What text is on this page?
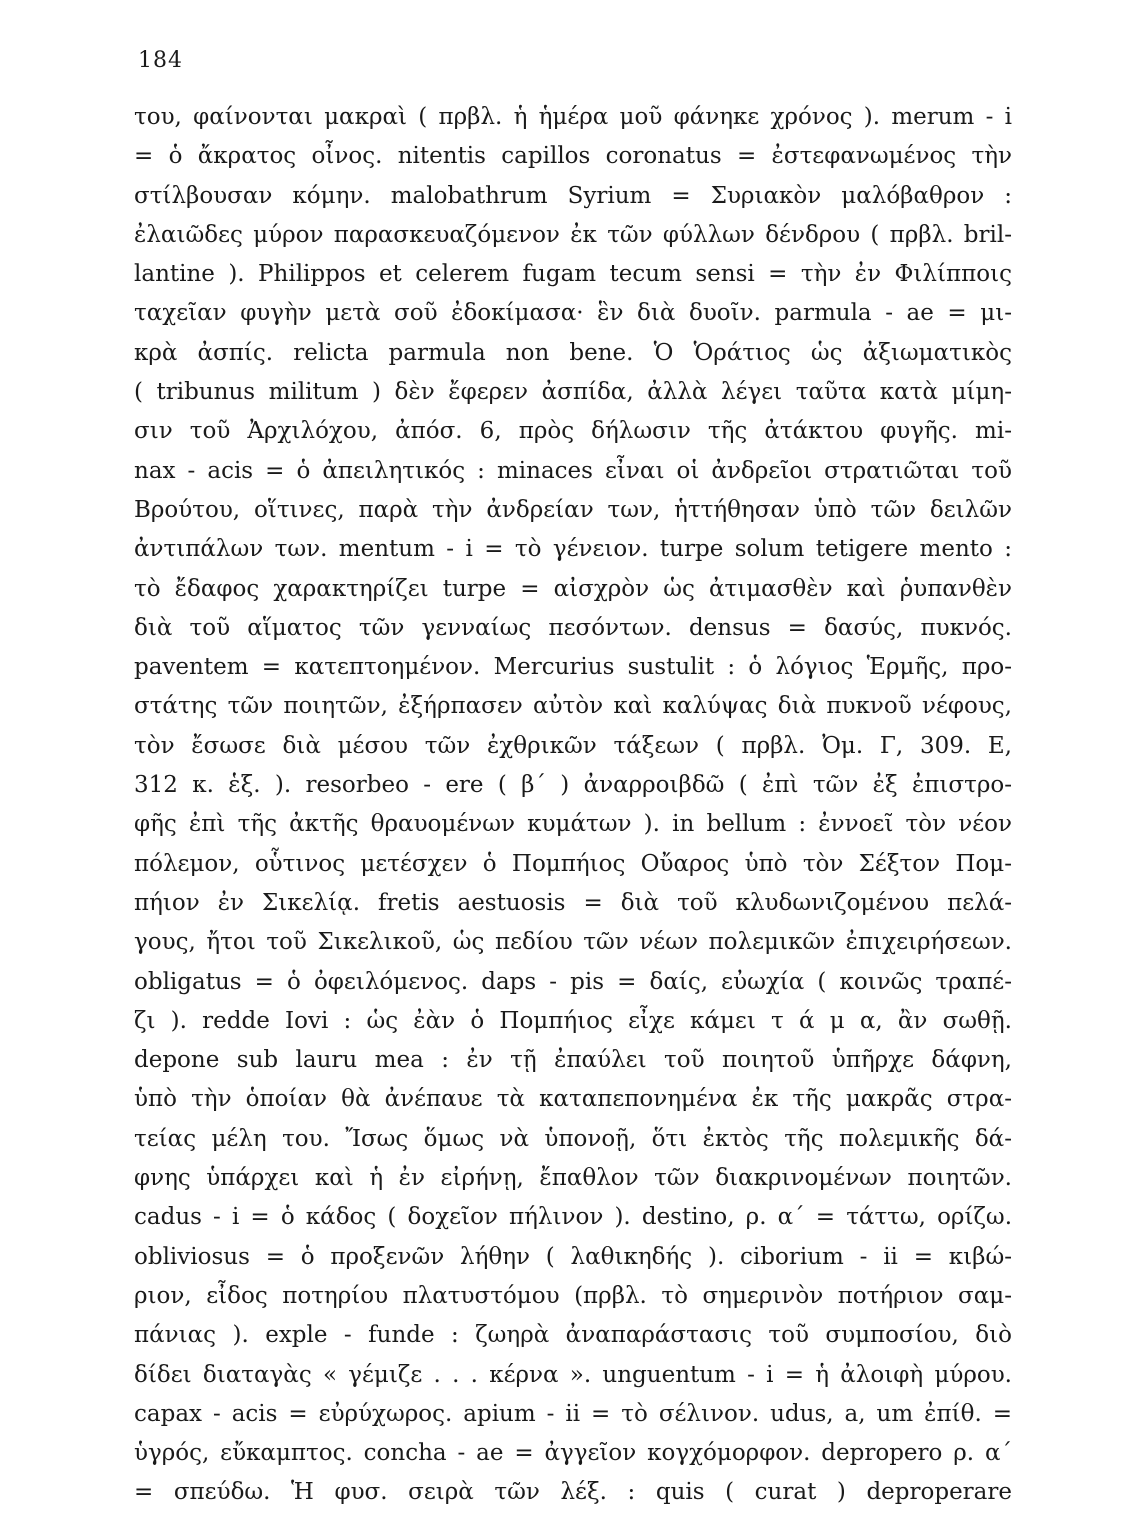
184
του, φαίνονται μακραὶ ( πρβλ. ἡ ἡμέρα μοῦ φάνηκε χρόνος ). merum - i
= ὁ ἄκρατος οἶνος. nitentis capillos coronatus = ἐστεφανωμένος τὴν
στίλβουσαν κόμην. malobathrum Syrium = Συριακὸν μαλόβαθρον :
ἐλαιῶδες μύρον παρασκευαζόμενον ἐκ τῶν φύλλων δένδρου ( πρβλ. bril-
lantine ). Philippos et celerem fugam tecum sensi = τὴν ἐν Φιλίπποις
ταχεῖαν φυγὴν μετὰ σοῦ ἐδοκίμασα· ἓν διὰ δυοῖν. parmula - ae = μι-
κρὰ ἀσπίς. relicta parmula non bene. Ὁ Ὁράτιος ὡς ἀξιωματικὸς
( tribunus militum ) δὲν ἔφερεν ἀσπίδα, ἀλλὰ λέγει ταῦτα κατὰ μίμη-
σιν τοῦ Ἀρχιλόχου, ἀπόσ. 6, πρὸς δήλωσιν τῆς ἀτάκτου φυγῆς. mi-
nax - acis = ὁ ἀπειλητικός : minaces εἶναι οἱ ἀνδρεῖοι στρατιῶται τοῦ
Βρούτου, οἵτινες, παρὰ τὴν ἀνδρείαν των, ἡττήθησαν ὑπὸ τῶν δειλῶν
ἀντιπάλων των. mentum - i = τὸ γένειον. turpe solum tetigere mento :
τὸ ἔδαφος χαρακτηρίζει turpe = αἰσχρὸν ὡς ἀτιμασθὲν καὶ ῥυπανθὲν
διὰ τοῦ αἵματος τῶν γενναίως πεσόντων. densus = δασύς, πυκνός.
paventem = κατεπτοημένον. Mercurius sustulit : ὁ λόγιος Ἑρμῆς, προ-
στάτης τῶν ποιητῶν, ἐξήρπασεν αὐτὸν καὶ καλύψας διὰ πυκνοῦ νέφους,
τὸν ἔσωσε διὰ μέσου τῶν ἐχθρικῶν τάξεων ( πρβλ. Ὀμ. Γ, 309. Ε,
312 κ. ἑξ. ). resorbeo - ere ( β΄ ) ἀναρροιβδῶ ( ἐπὶ τῶν ἐξ ἐπιστρο-
φῆς ἐπὶ τῆς ἀκτῆς θραυομένων κυμάτων ). in bellum : ἐννοεῖ τὸν νέον
πόλεμον, οὗτινος μετέσχεν ὁ Πομπήιος Οὔαρος ὑπὸ τὸν Σέξτον Πομ-
πήιον ἐν Σικελίᾳ. fretis aestuosis = διὰ τοῦ κλυδωνιζομένου πελά-
γους, ἤτοι τοῦ Σικελικοῦ, ὡς πεδίου τῶν νέων πολεμικῶν ἐπιχειρήσεων.
obligatus = ὁ ὀφειλόμενος. daps - pis = δαίς, εὐωχία ( κοινῶς τραπέ-
ζι ). redde Iovi : ὡς ἐὰν ὁ Πομπήιος εἶχε κάμει τ ά μ α, ἂν σωθῇ.
depone sub lauru mea : ἐν τῇ ἐπαύλει τοῦ ποιητοῦ ὑπῆρχε δάφνη,
ὑπὸ τὴν ὁποίαν θὰ ἀνέπαυε τὰ καταπεπονημένα ἐκ τῆς μακρᾶς στρα-
τείας μέλη του. Ἴσως ὅμως νὰ ὑπονοῇ, ὅτι ἐκτὸς τῆς πολεμικῆς δά-
φνης ὑπάρχει καὶ ἡ ἐν εἰρήνῃ, ἔπαθλον τῶν διακρινομένων ποιητῶν.
cadus - i = ὁ κάδος ( δοχεῖον πήλινον ). destino, ρ. α΄ = τάττω, ορίζω.
obliviosus = ὁ προξενῶν λήθην ( λαθικηδής ). ciborium - ii = κιβώ-
ριον, εἶδος ποτηρίου πλατυστόμου (πρβλ. τὸ σημερινὸν ποτήριον σαμ-
πάνιας ). exple - funde : ζωηρὰ ἀναπαράστασις τοῦ συμποσίου, διὸ
δίδει διαταγὰς « γέμιζε . . . κέρνα ». unguentum - i = ἡ ἀλοιφὴ μύρου.
capax - acis = εὐρύχωρος. apium - ii = τὸ σέλινον. udus, a, um ἐπίθ. =
ὑγρός, εὔκαμπτος. concha - ae = ἀγγεῖον κογχόμορφον. depropero ρ. α΄
= σπεύδω. Ἡ φυσ. σειρὰ τῶν λέξ. : quis ( curat ) deproperare
